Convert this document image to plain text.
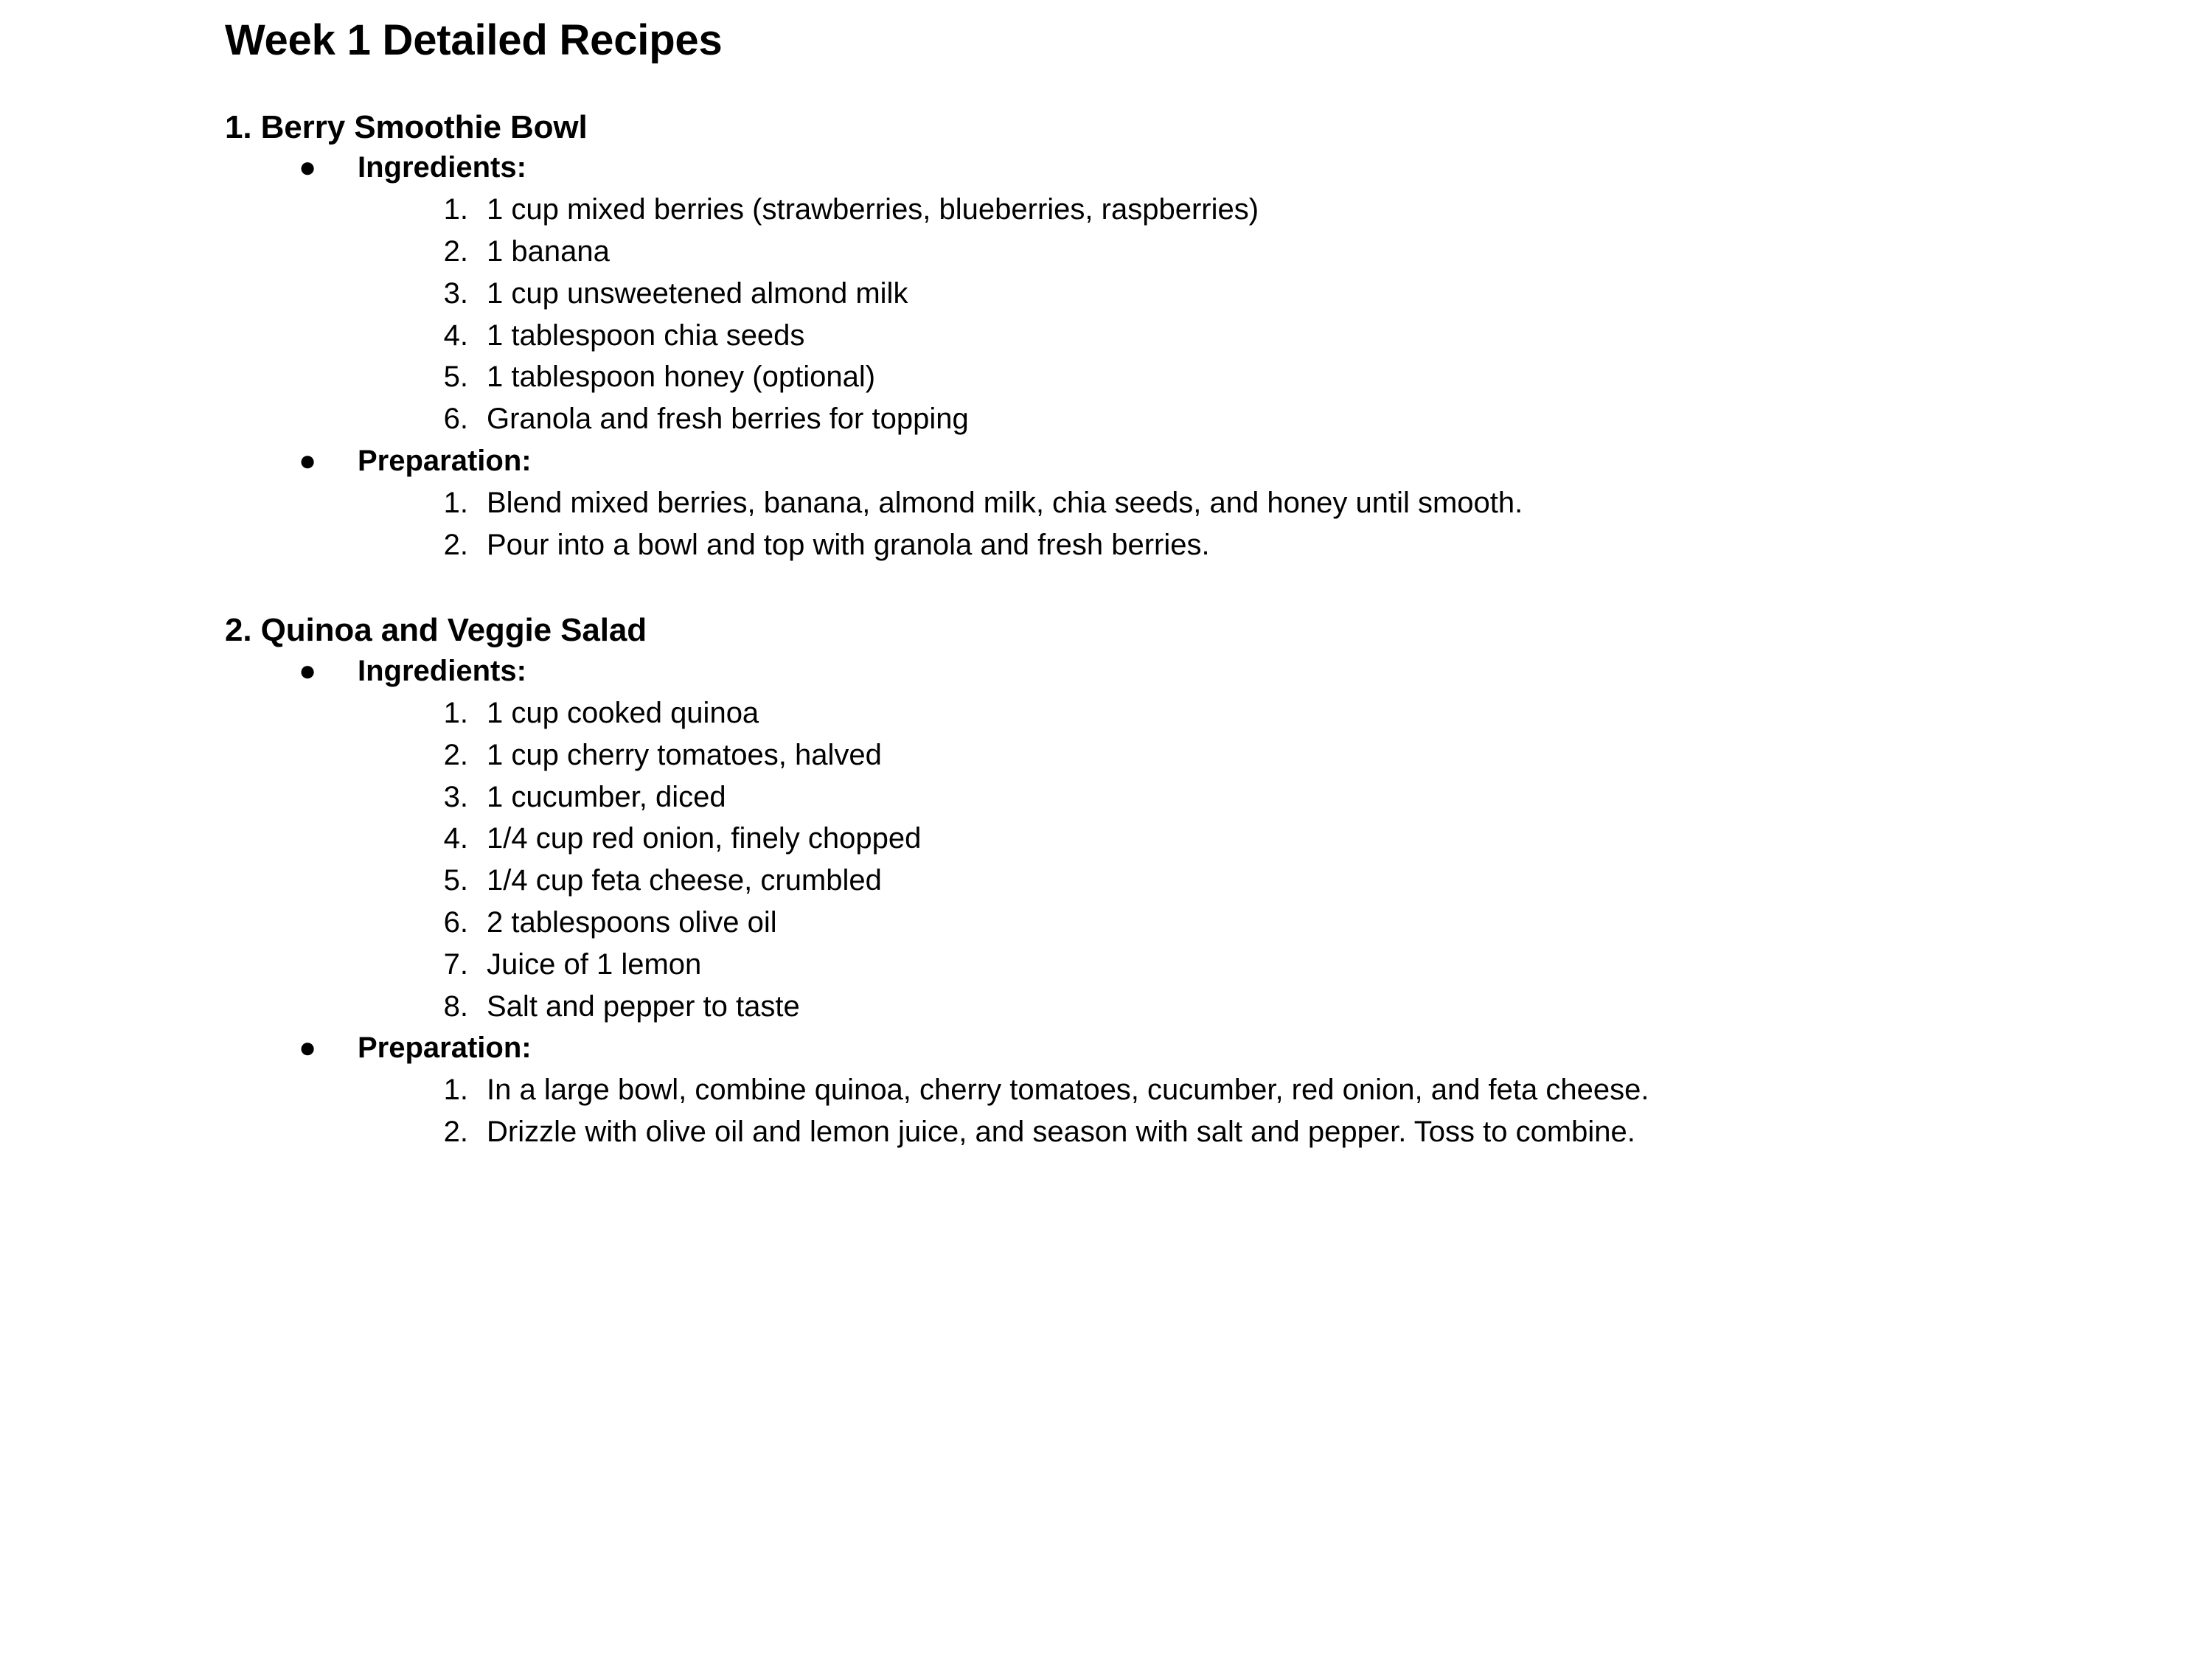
Week 1 Detailed Recipes
1. Berry Smoothie Bowl
● Ingredients:
1. 1 cup mixed berries (strawberries, blueberries, raspberries)
2. 1 banana
3. 1 cup unsweetened almond milk
4. 1 tablespoon chia seeds
5. 1 tablespoon honey (optional)
6. Granola and fresh berries for topping
● Preparation:
1. Blend mixed berries, banana, almond milk, chia seeds, and honey until smooth.
2. Pour into a bowl and top with granola and fresh berries.
2. Quinoa and Veggie Salad
● Ingredients:
1. 1 cup cooked quinoa
2. 1 cup cherry tomatoes, halved
3. 1 cucumber, diced
4. 1/4 cup red onion, finely chopped
5. 1/4 cup feta cheese, crumbled
6. 2 tablespoons olive oil
7. Juice of 1 lemon
8. Salt and pepper to taste
● Preparation:
1. In a large bowl, combine quinoa, cherry tomatoes, cucumber, red onion, and feta cheese.
2. Drizzle with olive oil and lemon juice, and season with salt and pepper. Toss to combine.
